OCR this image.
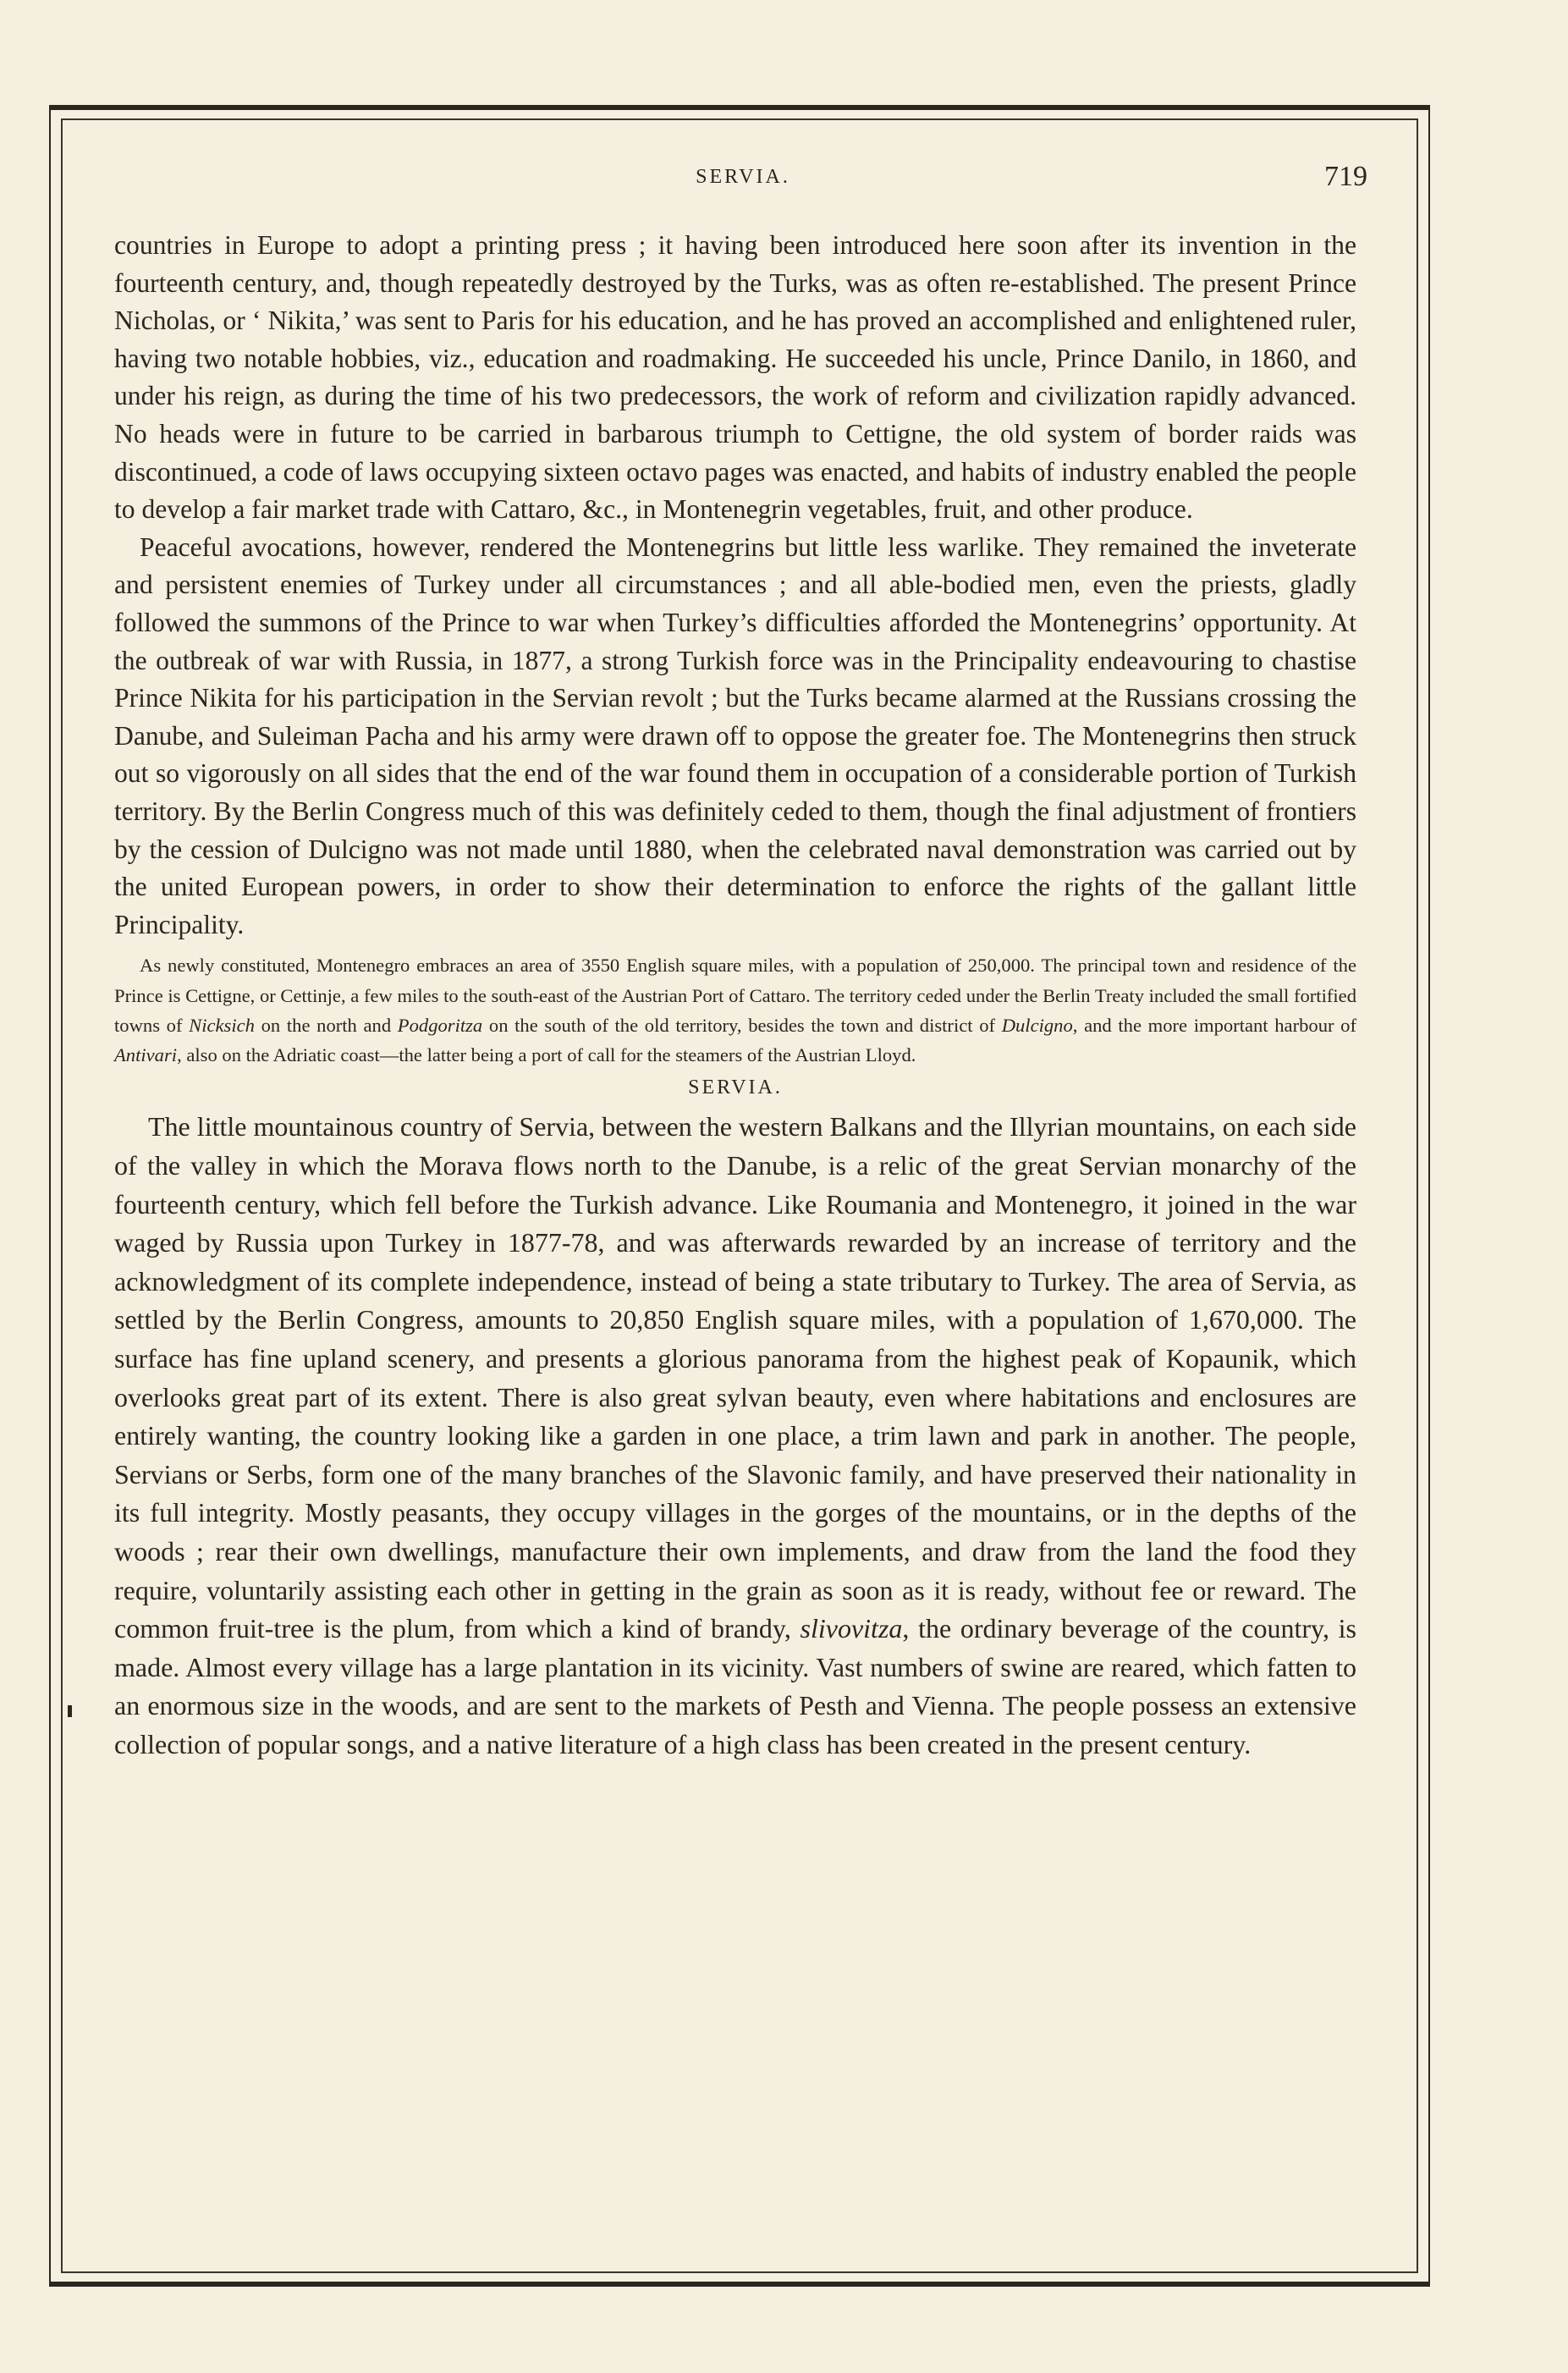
SERVIA.	719

countries in Europe to adopt a printing press ; it having been introduced here soon after its invention in the fourteenth century, and, though repeatedly destroyed by the Turks, was as often re-established. The present Prince Nicholas, or ‘ Nikita,’ was sent to Paris for his education, and he has proved an accomplished and enlightened ruler, having two notable hobbies, viz., education and roadmaking. He succeeded his uncle, Prince Danilo, in 1860, and under his reign, as during the time of his two predecessors, the work of reform and civilization rapidly advanced. No heads were in future to be carried in barbarous triumph to Cettigne, the old system of border raids was discontinued, a code of laws occupying sixteen octavo pages was enacted, and habits of industry enabled the people to develop a fair market trade with Cattaro, &c., in Montenegrin vegetables, fruit, and other produce.

Peaceful avocations, however, rendered the Montenegrins but little less warlike. They remained the inveterate and persistent enemies of Turkey under all circumstances ; and all able-bodied men, even the priests, gladly followed the summons of the Prince to war when Turkey’s difficulties afforded the Montenegrins’ opportunity. At the outbreak of war with Russia, in 1877, a strong Turkish force was in the Principality endeavouring to chastise Prince Nikita for his participation in the Servian revolt ; but the Turks became alarmed at the Russians crossing the Danube, and Suleiman Pacha and his army were drawn off to oppose the greater foe. The Montenegrins then struck out so vigorously on all sides that the end of the war found them in occupation of a considerable portion of Turkish territory. By the Berlin Congress much of this was definitely ceded to them, though the final adjustment of frontiers by the cession of Dulcigno was not made until 1880, when the celebrated naval demonstration was carried out by the united European powers, in order to show their determination to enforce the rights of the gallant little Principality.

As newly constituted, Montenegro embraces an area of 3550 English square miles, with a population of 250,000. The principal town and residence of the Prince is Cettigne, or Cettinje, a few miles to the south-east of the Austrian Port of Cattaro. The territory ceded under the Berlin Treaty included the small fortified towns of Nicksich on the north and Podgoritza on the south of the old territory, besides the town and district of Dulcigno, and the more important harbour of Antivari, also on the Adriatic coast—the latter being a port of call for the steamers of the Austrian Lloyd.

SERVIA.

The little mountainous country of Servia, between the western Balkans and the Illyrian mountains, on each side of the valley in which the Morava flows north to the Danube, is a relic of the great Servian monarchy of the fourteenth century, which fell before the Turkish advance. Like Roumania and Montenegro, it joined in the war waged by Russia upon Turkey in 1877-78, and was afterwards rewarded by an increase of territory and the acknowledgment of its complete independence, instead of being a state tributary to Turkey. The area of Servia, as settled by the Berlin Congress, amounts to 20,850 English square miles, with a population of 1,670,000. The surface has fine upland scenery, and presents a glorious panorama from the highest peak of Kopaunik, which overlooks great part of its extent. There is also great sylvan beauty, even where habitations and enclosures are entirely wanting, the country looking like a garden in one place, a trim lawn and park in another. The people, Servians or Serbs, form one of the many branches of the Slavonic family, and have preserved their nationality in its full integrity. Mostly peasants, they occupy villages in the gorges of the mountains, or in the depths of the woods ; rear their own dwellings, manufacture their own implements, and draw from the land the food they require, voluntarily assisting each other in getting in the grain as soon as it is ready, without fee or reward. The common fruit-tree is the plum, from which a kind of brandy, slivovitza, the ordinary beverage of the country, is made. Almost every village has a large plantation in its vicinity. Vast numbers of swine are reared, which fatten to an enormous size in the woods, and are sent to the markets of Pesth and Vienna. The people possess an extensive collection of popular songs, and a native literature of a high class has been created in the present century.
